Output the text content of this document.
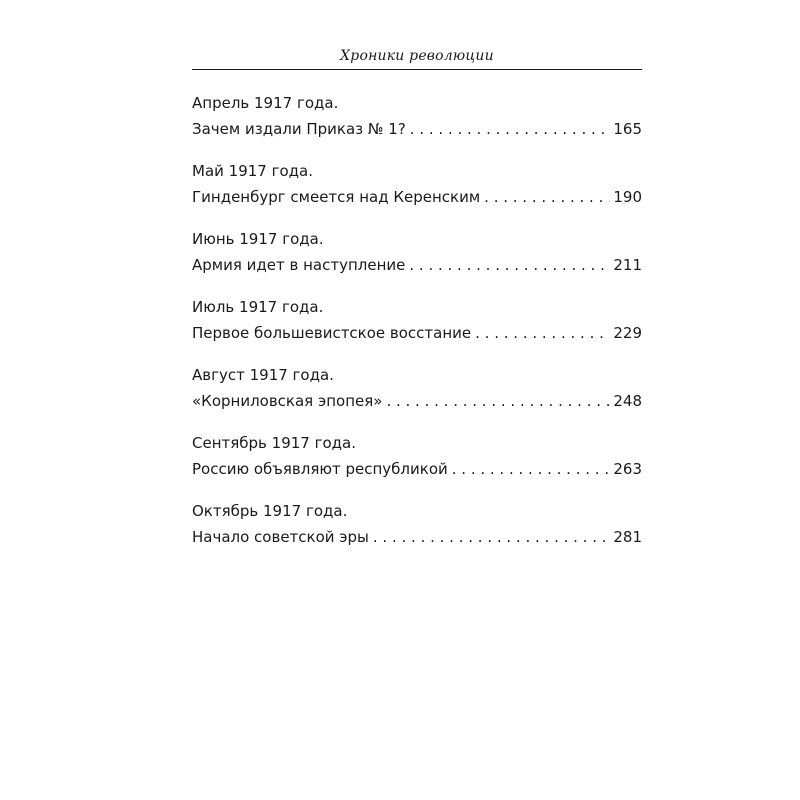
Хроники революции
Апрель 1917 года.
Зачем издали Приказ № 1? . . .	165
Май 1917 года.
Гинденбург смеется над Керенским . . .	190
Июнь 1917 года.
Армия идет в наступление . . .	211
Июль 1917 года.
Первое большевистское восстание . . .	229
Август 1917 года.
«Корниловская эпопея» . . .	248
Сентябрь 1917 года.
Россию объявляют республикой . . .	263
Октябрь 1917 года.
Начало советской эры . . .	281
